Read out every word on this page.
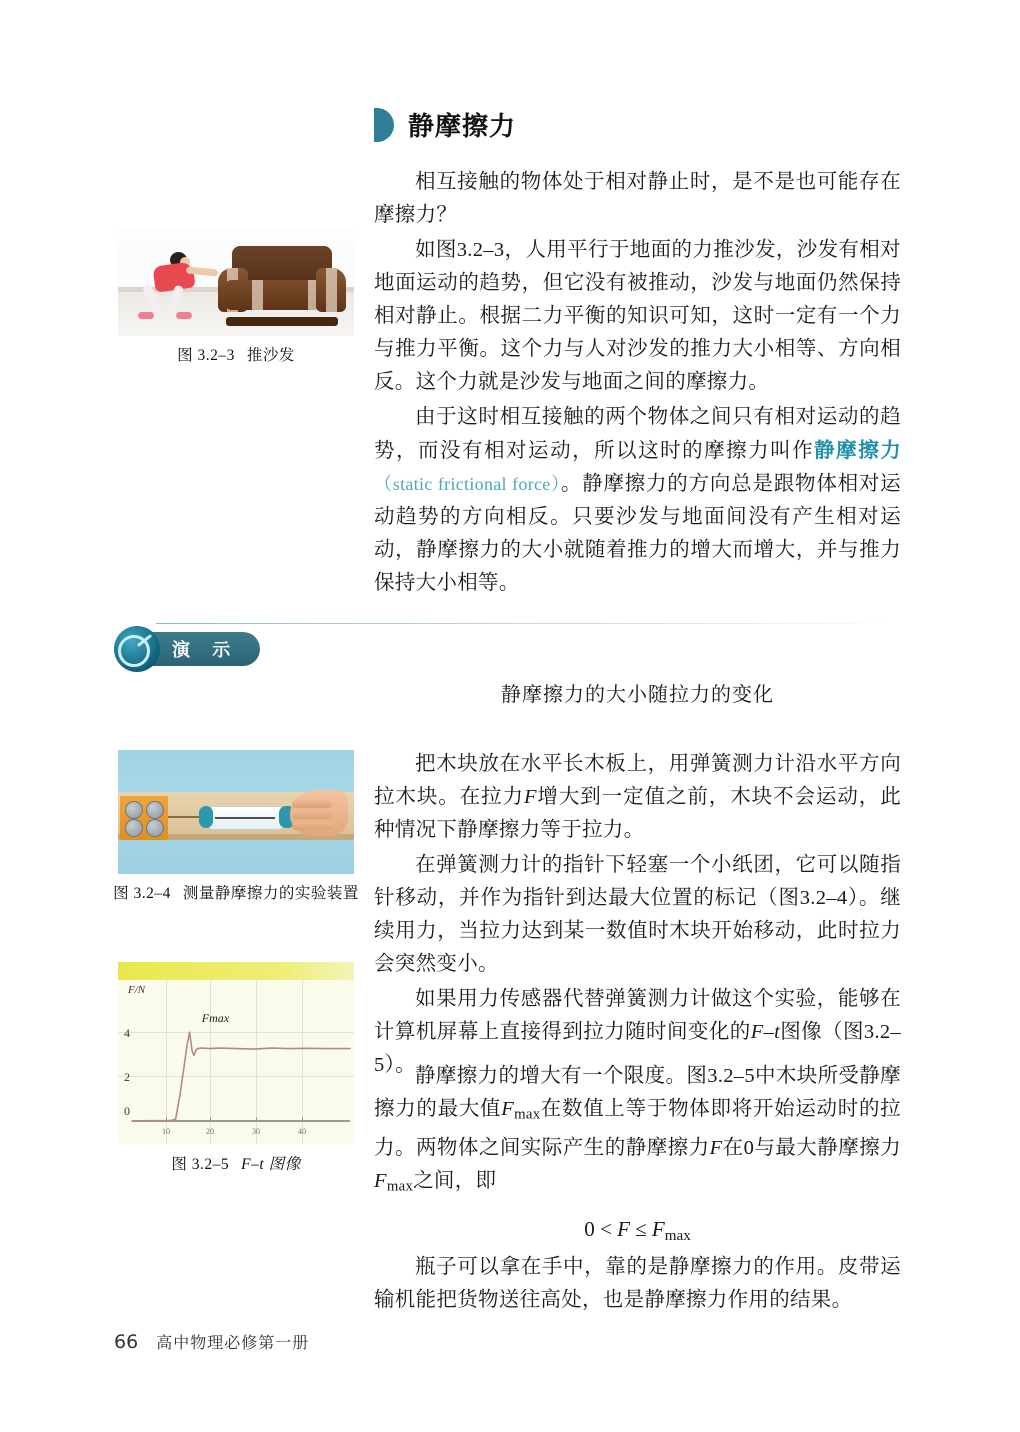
静摩擦力
图 3.2–3 推沙发

相互接触的物体处于相对静止时，是不是也可能存在摩擦力？

如图3.2–3，人用平行于地面的力推沙发，沙发有相对地面运动的趋势，但它没有被推动，沙发与地面仍然保持相对静止。根据二力平衡的知识可知，这时一定有一个力与推力平衡。这个力与人对沙发的推力大小相等、方向相反。这个力就是沙发与地面之间的摩擦力。

由于这时相互接触的两个物体之间只有相对运动的趋势，而没有相对运动，所以这时的摩擦力叫作静摩擦力（static frictional force）。静摩擦力的方向总是跟物体相对运动趋势的方向相反。只要沙发与地面间没有产生相对运动，静摩擦力的大小就随着推力的增大而增大，并与推力保持大小相等。

演 示
静摩擦力的大小随拉力的变化
图 3.2–4 测量静摩擦力的实验装置

把木块放在水平长木板上，用弹簧测力计沿水平方向拉木块。在拉力F增大到一定值之前，木块不会运动，此种情况下静摩擦力等于拉力。

在弹簧测力计的指针下轻塞一个小纸团，它可以随指针移动，并作为指针到达最大位置的标记（图3.2–4）。继续用力，当拉力达到某一数值时木块开始移动，此时拉力会突然变小。

如果用力传感器代替弹簧测力计做这个实验，能够在计算机屏幕上直接得到拉力随时间变化的F–t图像（图3.2–5）。

F/N
4
2
0
10	20	30	40
Fmax
图 3.2–5 F–t 图像

静摩擦力的增大有一个限度。图3.2–5中木块所受静摩擦力的最大值$F_{max}$在数值上等于物体即将开始运动时的拉力。两物体之间实际产生的静摩擦力F在0与最大静摩擦力$F_{max}$之间，即

$0 < F \le F_{max}$

瓶子可以拿在手中，靠的是静摩擦力的作用。皮带运输机能把货物送往高处，也是静摩擦力作用的结果。

66 高中物理必修第一册
